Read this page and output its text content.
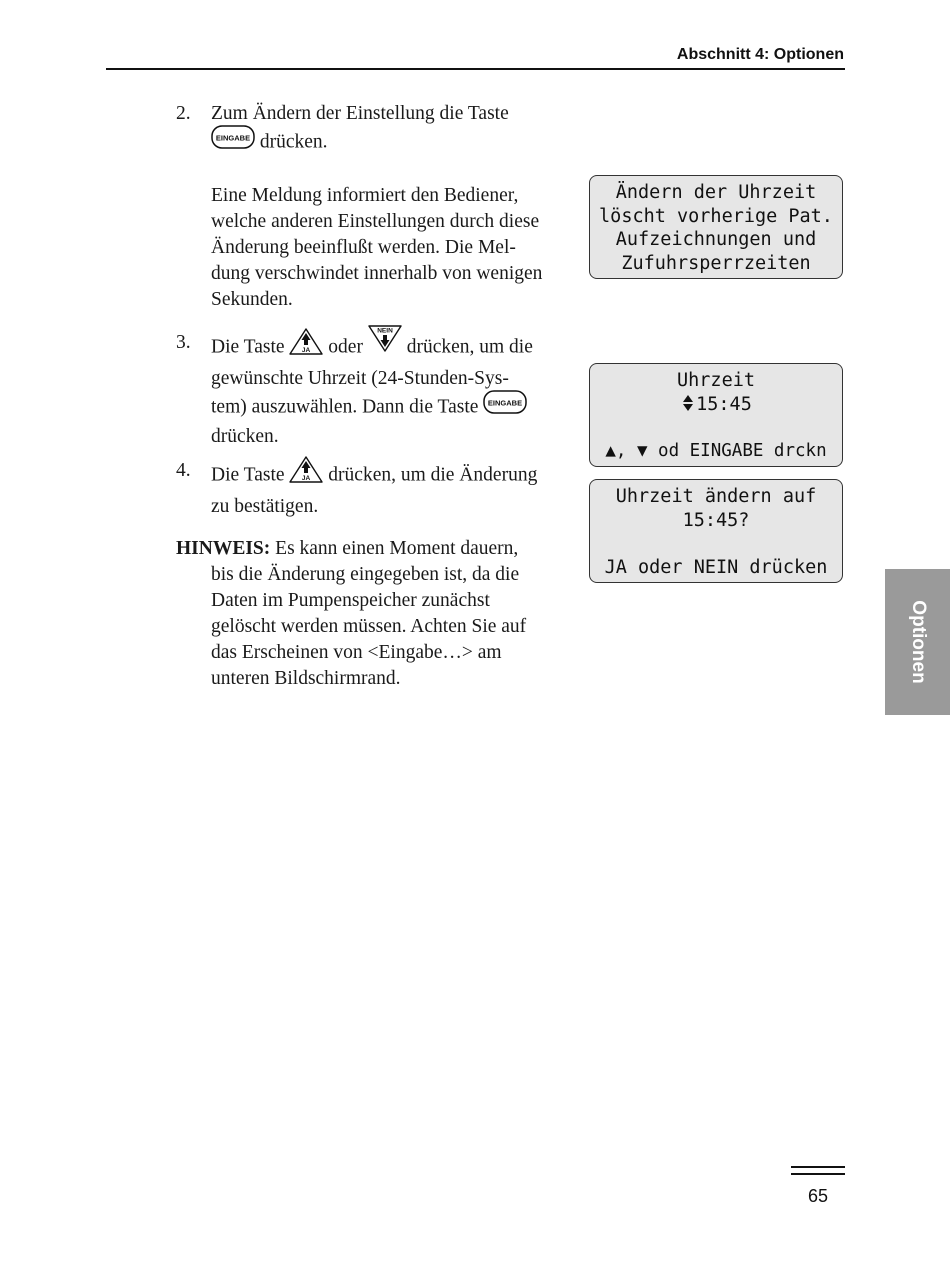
Abschnitt 4: Optionen
2. Zum Ändern der Einstellung die Taste
EINGABE drücken.
Eine Meldung informiert den Bediener,
welche anderen Einstellungen durch diese
Änderung beeinflußt werden. Die Mel-
dung verschwindet innerhalb von wenigen
Sekunden.
3. Die Taste JA oder
NEIN
drücken, um die
gewünschte Uhrzeit (24-Stunden-Sys-
tem) auszuwählen. Dann die Taste EINGABE
drücken.
4. Die Taste JA drücken, um die Änderung
zu bestätigen.
HINWEIS: Es kann einen Moment dauern,
bis die Änderung eingegeben ist, da die
Daten im Pumpenspeicher zunächst
gelöscht werden müssen. Achten Sie auf
das Erscheinen von <Eingabe…> am
unteren Bildschirmrand.
Ändern der Uhrzeit
löscht vorherige Pat.
Aufzeichnungen und
Zufuhrsperrzeiten
Uhrzeit
15:45
▲, ▼ od EINGABE drckn
Uhrzeit ändern auf
15:45?
JA oder NEIN drücken
Optionen
65
